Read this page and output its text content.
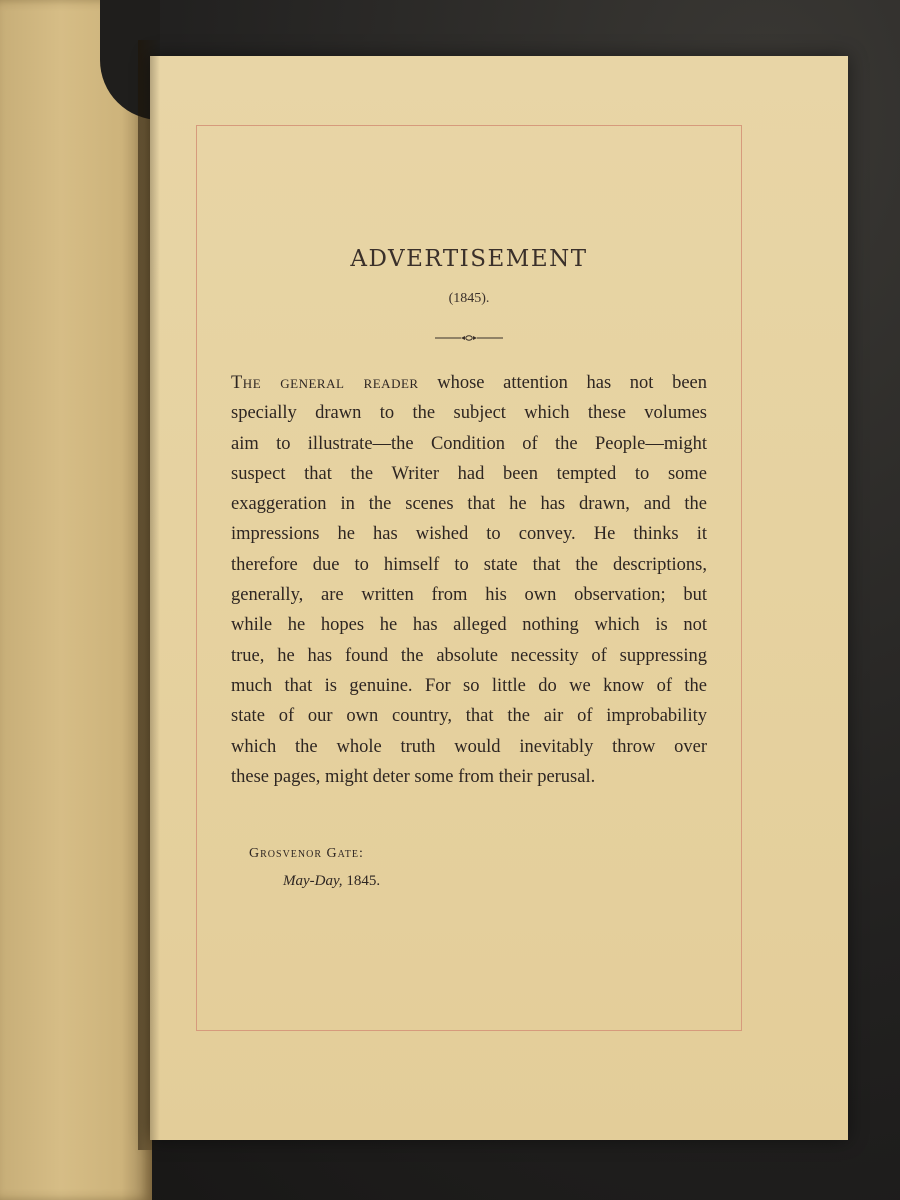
ADVERTISEMENT
(1845).

The general reader whose attention has not been
specially drawn to the subject which these volumes
aim to illustrate—the Condition of the People—might
suspect that the Writer had been tempted to some
exaggeration in the scenes that he has drawn, and the
impressions he has wished to convey. He thinks it
therefore due to himself to state that the descriptions,
generally, are written from his own observation; but
while he hopes he has alleged nothing which is not
true, he has found the absolute necessity of suppressing
much that is genuine. For so little do we know of the
state of our own country, that the air of improbability
which the whole truth would inevitably throw over
these pages, might deter some from their perusal.

Grosvenor Gate:
May-Day, 1845.
